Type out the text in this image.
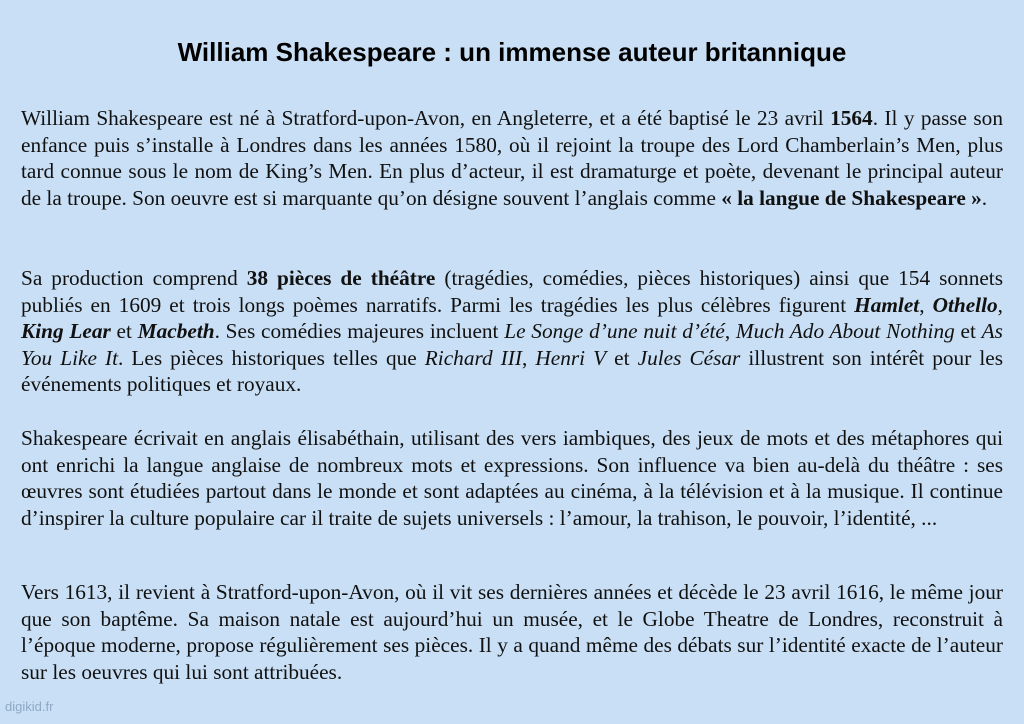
William Shakespeare : un immense auteur britannique

William Shakespeare est né à Stratford-upon-Avon, en Angleterre, et a été baptisé le 23 avril 1564. Il y passe son enfance puis s’installe à Londres dans les années 1580, où il rejoint la troupe des Lord Chamberlain’s Men, plus tard connue sous le nom de King’s Men. En plus d’acteur, il est dramaturge et poète, devenant le principal auteur de la troupe. Son oeuvre est si marquante qu’on désigne souvent l’anglais comme « la langue de Shakespeare ».

Sa production comprend 38 pièces de théâtre (tragédies, comédies, pièces historiques) ainsi que 154 sonnets publiés en 1609 et trois longs poèmes narratifs. Parmi les tragédies les plus célèbres figurent Hamlet, Othello, King Lear et Macbeth. Ses comédies majeures incluent Le Songe d’une nuit d’été, Much Ado About Nothing et As You Like It. Les pièces historiques telles que Richard III, Henri V et Jules César illustrent son intérêt pour les événements politiques et royaux.

Shakespeare écrivait en anglais élisabéthain, utilisant des vers iambiques, des jeux de mots et des métaphores qui ont enrichi la langue anglaise de nombreux mots et expressions. Son influence va bien au-delà du théâtre : ses œuvres sont étudiées partout dans le monde et sont adaptées au cinéma, à la télévision et à la musique. Il continue d’inspirer la culture populaire car il traite de sujets universels : l’amour, la trahison, le pouvoir, l’identité, ...

Vers 1613, il revient à Stratford-upon-Avon, où il vit ses dernières années et décède le 23 avril 1616, le même jour que son baptême. Sa maison natale est aujourd’hui un musée, et le Globe Theatre de Londres, reconstruit à l’époque moderne, propose régulièrement ses pièces. Il y a quand même des débats sur l’identité exacte de l’auteur sur les oeuvres qui lui sont attribuées.

digikid.fr
